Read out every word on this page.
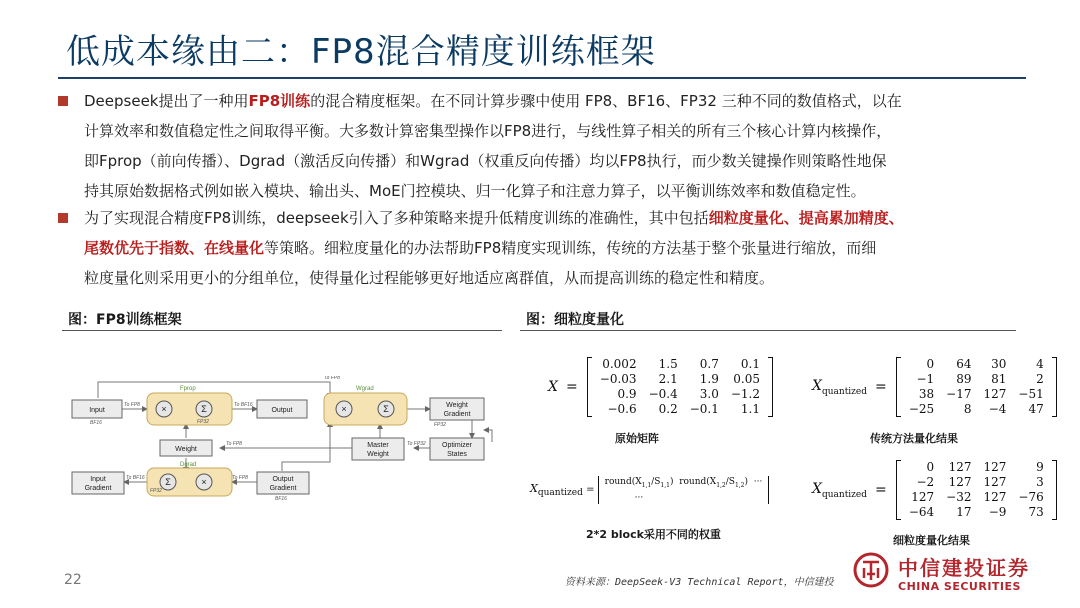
低成本缘由二：FP8混合精度训练框架
Deepseek提出了一种用FP8训练的混合精度框架。在不同计算步骤中使用 FP8、BF16、FP32 三种不同的数值格式，以在
计算效率和数值稳定性之间取得平衡。大多数计算密集型操作以FP8进行，与线性算子相关的所有三个核心计算内核操作，
即Fprop（前向传播）、Dgrad（激活反向传播）和Wgrad（权重反向传播）均以FP8执行，而少数关键操作则策略性地保
持其原始数据格式例如嵌入模块、输出头、MoE门控模块、归一化算子和注意力算子，以平衡训练效率和数值稳定性。
为了实现混合精度FP8训练，deepseek引入了多种策略来提升低精度训练的准确性，其中包括细粒度量化、提高累加精度、
尾数优先于指数、在线量化等策略。细粒度量化的办法帮助FP8精度实现训练，传统的方法基于整个张量进行缩放，而细
粒度量化则采用更小的分组单位，使得量化过程能够更好地适应离群值，从而提高训练的稳定性和精度。
图：FP8训练框架	图：细粒度量化
Fprop	Wgrad
Dgrad
×	Σ	×	Σ
Σ	×
Input	Output
Weight
Gradient
Weight
Master
Weight
Optimizer
States
Input
Gradient
Output
Gradient
To FP8	To BF16
To FP8
To FP8	To FP32
To FP8
To BF16
BF16
BF16
FP32
FP32
FP32
X =
0.002	1.5	0.7	0.1
−0.03	2.1	1.9	0.05
0.9	−0.4	3.0	−1.2
−0.6	0.2	−0.1	1.1
原始矩阵
$X_{quantized}$ =
0	64	30	4
−1	89	81	2
38	−17	127	−51
−25	8	−4	47
传统方法量化结果
$X_{quantized}$ =
$round(X_{1,1}/S_{1,1})$ $round(X_{1,2}/S_{1,2})$ ···
···
2*2 block采用不同的权重
$X_{quantized}$ =
0	127	127	9
−2	127	127	3
127	−32	127	−76
−64	17	−9	73
细粒度量化结果
22	资料来源：DeepSeek-V3 Technical Report，中信建投
中信建投证券
CHINA SECURITIES
